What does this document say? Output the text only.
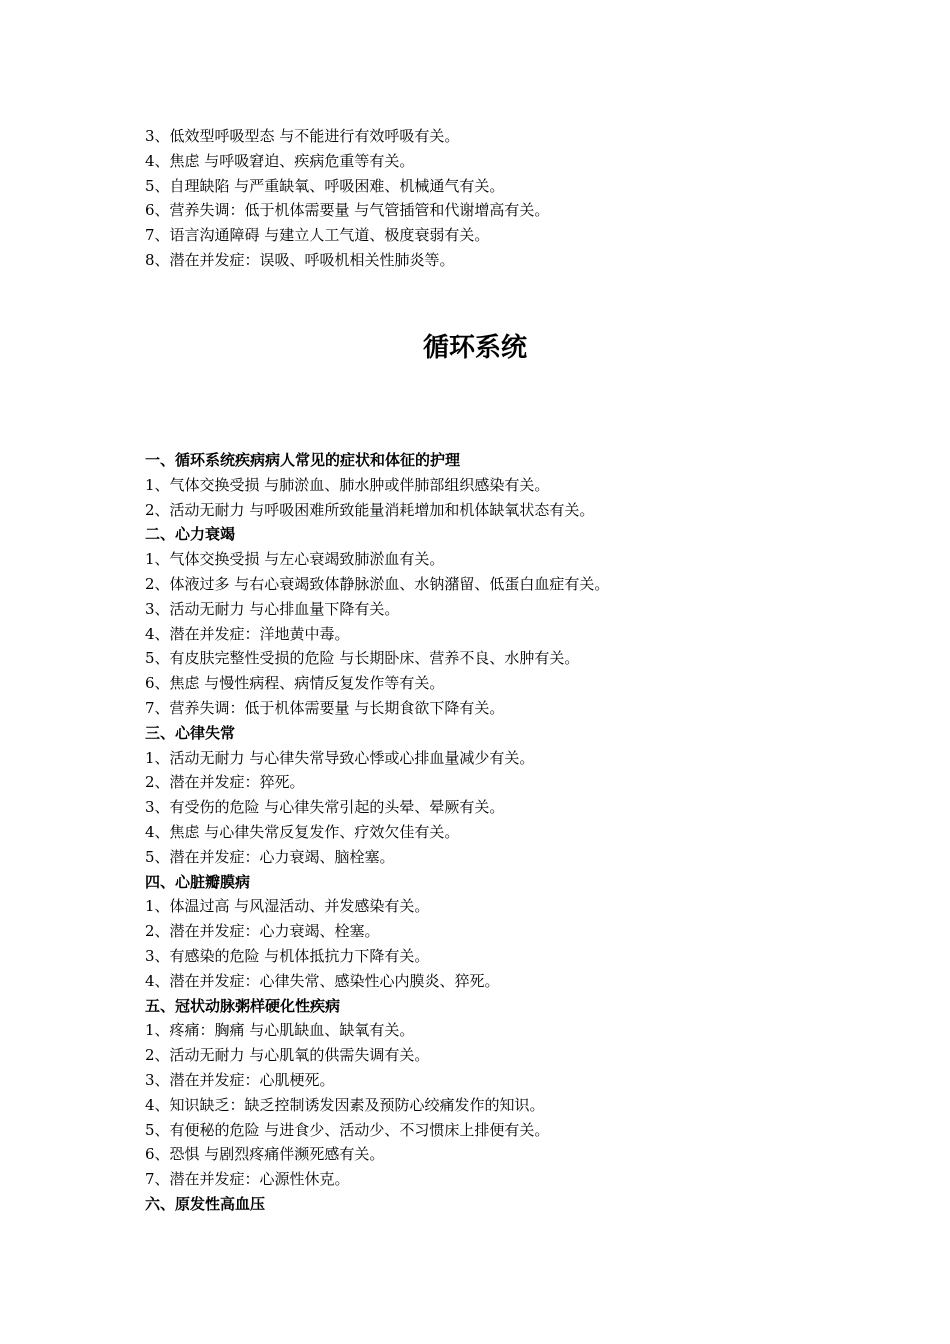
3、低效型呼吸型态 与不能进行有效呼吸有关。
4、焦虑 与呼吸窘迫、疾病危重等有关。
5、自理缺陷 与严重缺氧、呼吸困难、机械通气有关。
6、营养失调：低于机体需要量 与气管插管和代谢增高有关。
7、语言沟通障碍 与建立人工气道、极度衰弱有关。
8、潜在并发症：误吸、呼吸机相关性肺炎等。
循环系统
一、循环系统疾病病人常见的症状和体征的护理
1、气体交换受损 与肺淤血、肺水肿或伴肺部组织感染有关。
2、活动无耐力 与呼吸困难所致能量消耗增加和机体缺氧状态有关。
二、心力衰竭
1、气体交换受损 与左心衰竭致肺淤血有关。
2、体液过多 与右心衰竭致体静脉淤血、水钠潴留、低蛋白血症有关。
3、活动无耐力 与心排血量下降有关。
4、潜在并发症：洋地黄中毒。
5、有皮肤完整性受损的危险 与长期卧床、营养不良、水肿有关。
6、焦虑 与慢性病程、病情反复发作等有关。
7、营养失调：低于机体需要量 与长期食欲下降有关。
三、心律失常
1、活动无耐力 与心律失常导致心悸或心排血量减少有关。
2、潜在并发症：猝死。
3、有受伤的危险 与心律失常引起的头晕、晕厥有关。
4、焦虑 与心律失常反复发作、疗效欠佳有关。
5、潜在并发症：心力衰竭、脑栓塞。
四、心脏瓣膜病
1、体温过高 与风湿活动、并发感染有关。
2、潜在并发症：心力衰竭、栓塞。
3、有感染的危险 与机体抵抗力下降有关。
4、潜在并发症：心律失常、感染性心内膜炎、猝死。
五、冠状动脉粥样硬化性疾病
1、疼痛：胸痛 与心肌缺血、缺氧有关。
2、活动无耐力 与心肌氧的供需失调有关。
3、潜在并发症：心肌梗死。
4、知识缺乏：缺乏控制诱发因素及预防心绞痛发作的知识。
5、有便秘的危险 与进食少、活动少、不习惯床上排便有关。
6、恐惧 与剧烈疼痛伴濒死感有关。
7、潜在并发症：心源性休克。
六、原发性高血压
